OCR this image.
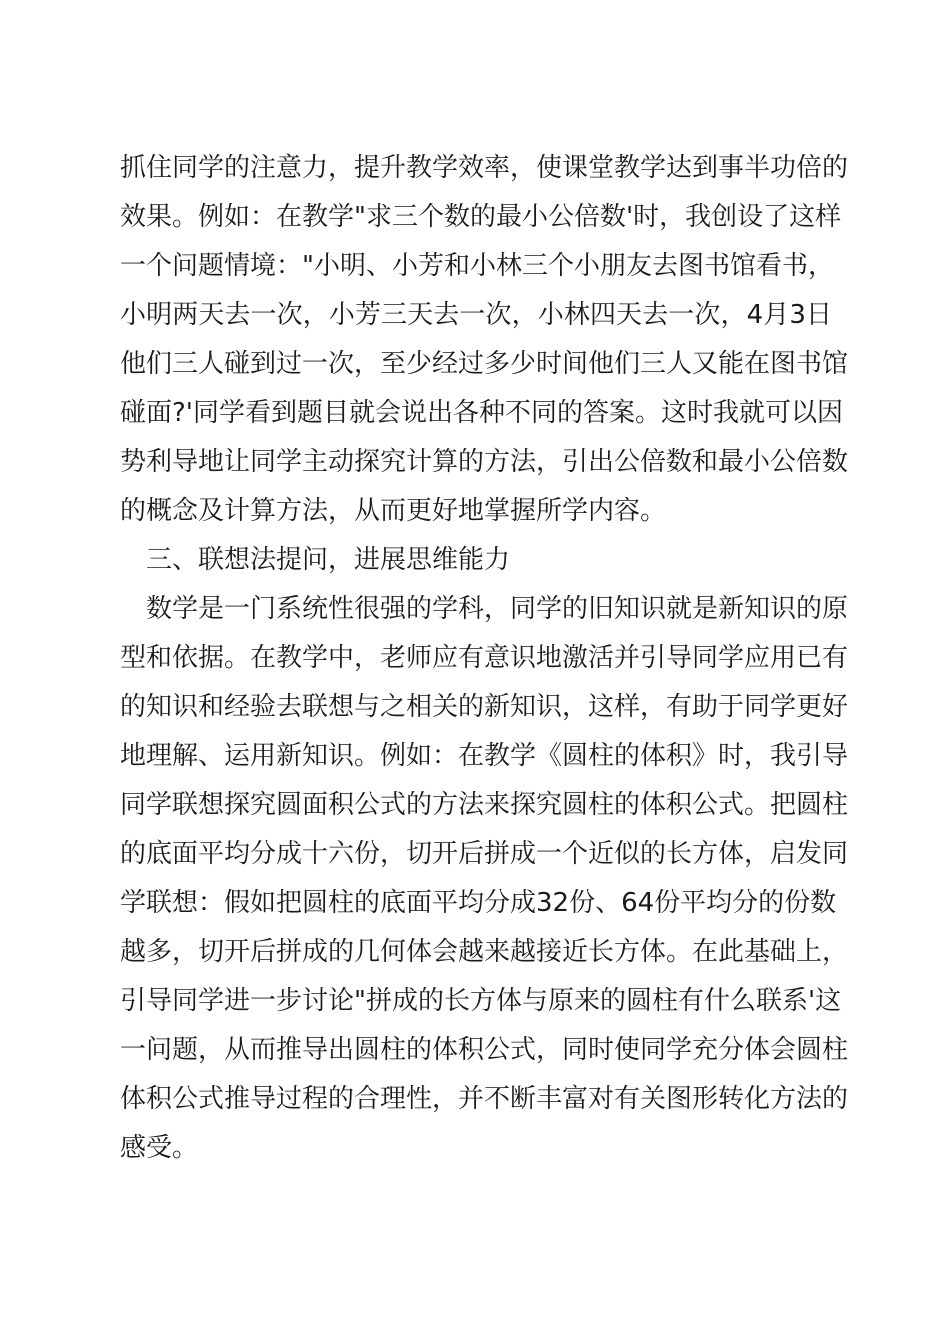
抓住同学的注意力，提升教学效率，使课堂教学达到事半功倍的
效果。例如：在教学"求三个数的最小公倍数'时，我创设了这样
一个问题情境："小明、小芳和小林三个小朋友去图书馆看书，
小明两天去一次，小芳三天去一次，小林四天去一次，4月3日
他们三人碰到过一次，至少经过多少时间他们三人又能在图书馆
碰面?'同学看到题目就会说出各种不同的答案。这时我就可以因
势利导地让同学主动探究计算的方法，引出公倍数和最小公倍数
的概念及计算方法，从而更好地掌握所学内容。
三、联想法提问，进展思维能力
数学是一门系统性很强的学科，同学的旧知识就是新知识的原
型和依据。在教学中，老师应有意识地激活并引导同学应用已有
的知识和经验去联想与之相关的新知识，这样，有助于同学更好
地理解、运用新知识。例如：在教学《圆柱的体积》时，我引导
同学联想探究圆面积公式的方法来探究圆柱的体积公式。把圆柱
的底面平均分成十六份，切开后拼成一个近似的长方体，启发同
学联想：假如把圆柱的底面平均分成32份、64份平均分的份数
越多，切开后拼成的几何体会越来越接近长方体。在此基础上，
引导同学进一步讨论"拼成的长方体与原来的圆柱有什么联系'这
一问题，从而推导出圆柱的体积公式，同时使同学充分体会圆柱
体积公式推导过程的合理性，并不断丰富对有关图形转化方法的
感受。
